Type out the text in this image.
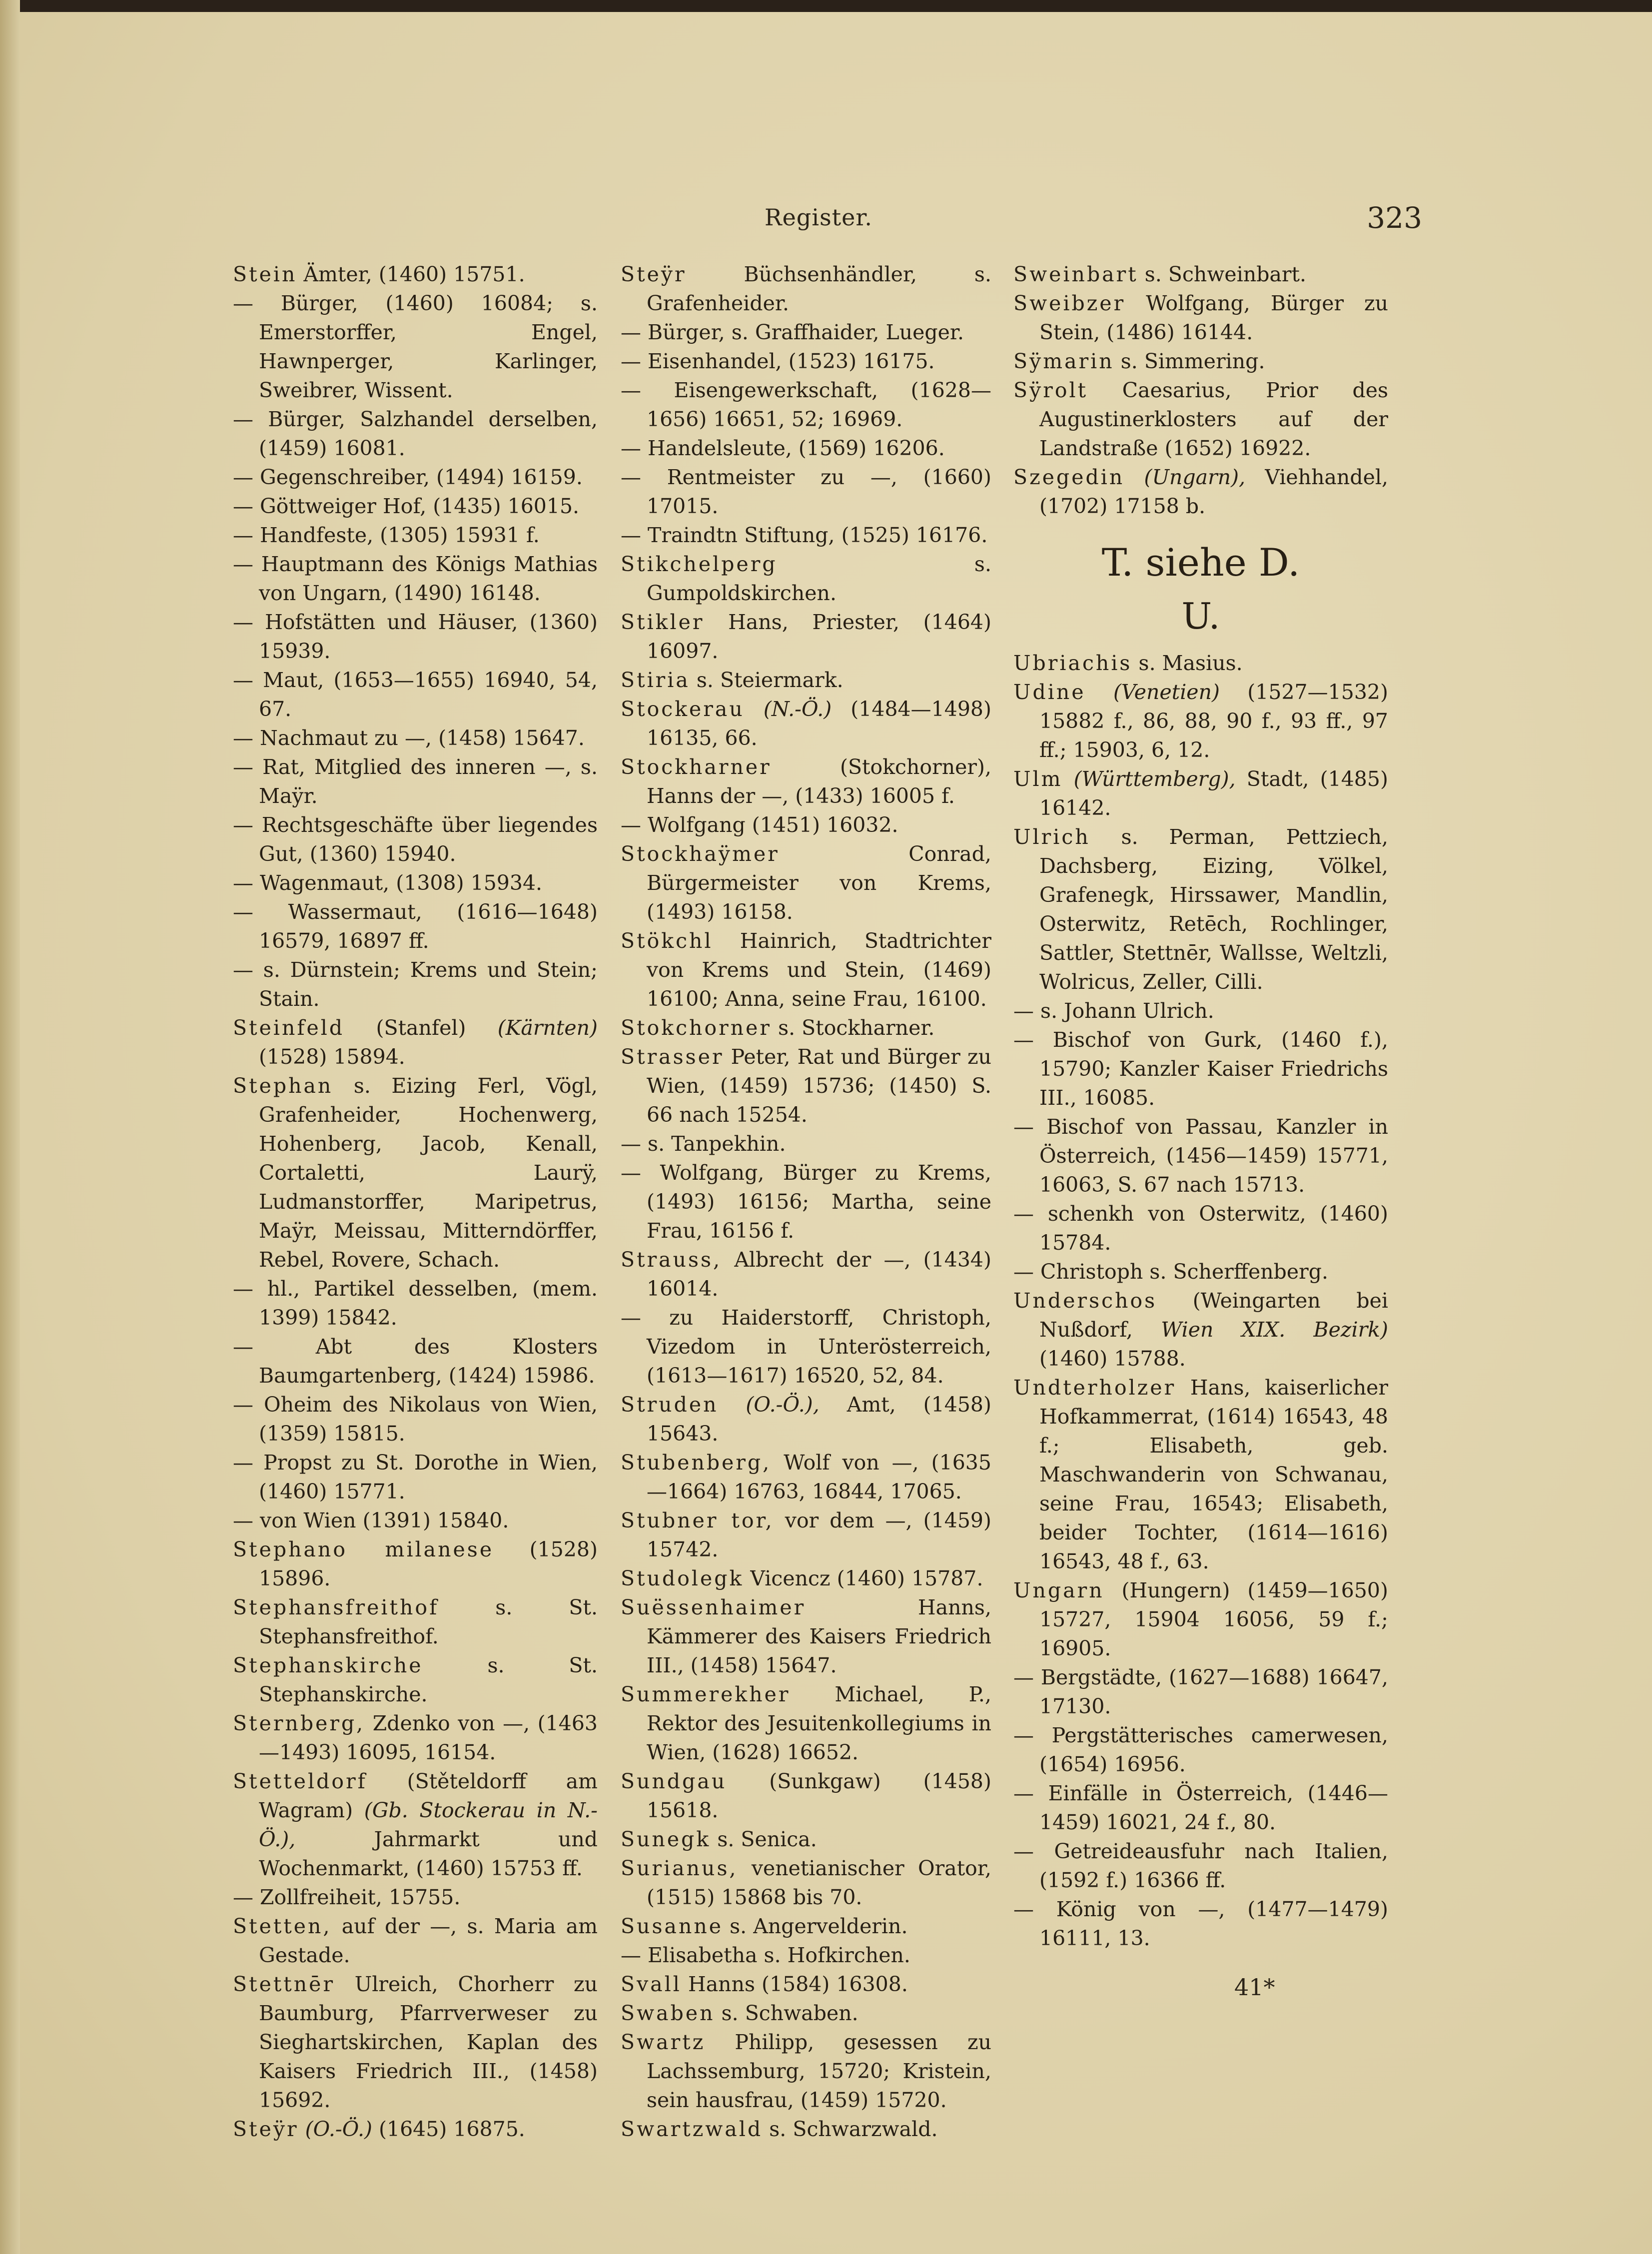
Register.	323

Stein Ämter, (1460) 15751.

— Bürger, (1460) 16084; s. Emerstorffer, Engel, Hawnperger, Karlinger, Sweibrer, Wissent.

— Bürger, Salzhandel derselben, (1459) 16081.

— Gegenschreiber, (1494) 16159.

— Göttweiger Hof, (1435) 16015.

— Handfeste, (1305) 15931 f.

— Hauptmann des Königs Mathias von Ungarn, (1490) 16148.

— Hofstätten und Häuser, (1360) 15939.

— Maut, (1653—1655) 16940, 54, 67.

— Nachmaut zu —, (1458) 15647.

— Rat, Mitglied des inneren —, s. Maÿr.

— Rechtsgeschäfte über liegendes Gut, (1360) 15940.

— Wagenmaut, (1308) 15934.

— Wassermaut, (1616—1648) 16579, 16897 ff.

— s. Dürnstein; Krems und Stein; Stain.

Steinfeld (Stanfel) (Kärnten) (1528) 15894.

Stephan s. Eizing Ferl, Vögl, Grafenheider, Hochenwerg, Hohenberg, Jacob, Kenall, Cortaletti, Laurÿ, Ludmanstorffer, Maripetrus, Maÿr, Meissau, Mitterndörffer, Rebel, Rovere, Schach.

— hl., Partikel desselben, (mem. 1399) 15842.

— Abt des Klosters Baumgartenberg, (1424) 15986.

— Oheim des Nikolaus von Wien, (1359) 15815.

— Propst zu St. Dorothe in Wien, (1460) 15771.

— von Wien (1391) 15840.

Stephano milanese (1528) 15896.

Stephansfreithof	s. St. Stephansfreithof.

Stephanskirche	s. St. Stephanskirche.

Sternberg, Zdenko von —, (1463 —1493) 16095, 16154.

Stetteldorf (Stěteldorff am Wagram) (Gb. Stockerau in N.-Ö.), Jahrmarkt und Wochenmarkt, (1460) 15753 ff.

— Zollfreiheit, 15755.

Stetten, auf der —, s. Maria am Gestade.

Stettnēr Ulreich, Chorherr zu Baumburg, Pfarrverweser zu Sieghartskirchen, Kaplan des Kaisers Friedrich III., (1458) 15692.

Steÿr (O.-Ö.) (1645) 16875.

Steÿr	Büchsenhändler, s. Grafenheider.

— Bürger, s. Graffhaider, Lueger.

— Eisenhandel, (1523) 16175.

— Eisengewerkschaft, (1628—1656) 16651, 52; 16969.

— Handelsleute, (1569) 16206.

— Rentmeister zu —, (1660) 17015.

— Traindtn Stiftung, (1525) 16176.

Stikchelperg	s. Gumpoldskirchen.

Stikler Hans, Priester, (1464) 16097.

Stiria s. Steiermark.

Stockerau (N.-Ö.) (1484—1498) 16135, 66.

Stockharner	(Stokchorner), Hanns der —, (1433) 16005 f.

— Wolfgang (1451) 16032.

Stockhaÿmer	Conrad, Bürgermeister von Krems, (1493) 16158.

Stökchl Hainrich, Stadtrichter von Krems und Stein, (1469) 16100; Anna, seine Frau, 16100.

Stokchorner s. Stockharner.

Strasser Peter, Rat und Bürger zu Wien, (1459) 15736; (1450) S. 66 nach 15254.

— s. Tanpekhin.

— Wolfgang, Bürger zu Krems, (1493) 16156; Martha, seine Frau, 16156 f.

Strauss, Albrecht der —, (1434) 16014.

— zu Haiderstorff, Christoph, Vizedom in Unterösterreich, (1613—1617) 16520, 52, 84.

Struden (O.-Ö.), Amt, (1458) 15643.

Stubenberg, Wolf von —, (1635 —1664) 16763, 16844, 17065.

Stubner tor, vor dem —, (1459) 15742.

Studolegk Vicencz (1460) 15787.

Suëssenhaimer	Hanns, Kämmerer des Kaisers Friedrich III., (1458) 15647.

Summerekher Michael, P., Rektor des Jesuitenkollegiums in Wien, (1628) 16652.

Sundgau (Sunkgaw) (1458) 15618.

Sunegk s. Senica.

Surianus, venetianischer Orator, (1515) 15868 bis 70.

Susanne s. Angervelderin.

— Elisabetha s. Hofkirchen.

Svall Hanns (1584) 16308.

Swaben s. Schwaben.

Swartz Philipp, gesessen zu Lachssemburg, 15720; Kristein, sein hausfrau, (1459) 15720.

Swartzwald s. Schwarzwald.

Sweinbart s. Schweinbart.

Sweibzer Wolfgang, Bürger zu Stein, (1486) 16144.

Sÿmarin s. Simmering.

Sÿrolt Caesarius, Prior des Augustinerklosters auf der Landstraße (1652) 16922.

Szegedin (Ungarn), Viehhandel, (1702) 17158 b.

T. siehe D.
U.

Ubriachis s. Masius.

Udine (Venetien) (1527—1532) 15882 f., 86, 88, 90 f., 93 ff., 97 ff.; 15903, 6, 12.

Ulm (Württemberg), Stadt, (1485) 16142.

Ulrich s. Perman, Pettziech, Dachsberg, Eizing, Völkel, Grafenegk, Hirssawer, Mandlin, Osterwitz, Retēch, Rochlinger, Sattler, Stettnēr, Wallsse, Weltzli, Wolricus, Zeller, Cilli.

— s. Johann Ulrich.

— Bischof von Gurk, (1460 f.), 15790; Kanzler Kaiser Friedrichs III., 16085.

— Bischof von Passau, Kanzler in Österreich, (1456—1459) 15771, 16063, S. 67 nach 15713.

— schenkh von Osterwitz, (1460) 15784.

— Christoph s. Scherffenberg.

Underschos (Weingarten bei Nußdorf, Wien XIX. Bezirk) (1460) 15788.

Undterholzer Hans, kaiserlicher Hofkammerrat, (1614) 16543, 48 f.; Elisabeth, geb. Maschwanderin von Schwanau, seine Frau, 16543; Elisabeth, beider Tochter, (1614—1616) 16543, 48 f., 63.

Ungarn (Hungern) (1459—1650) 15727, 15904 16056, 59 f.; 16905.

— Bergstädte, (1627—1688) 16647, 17130.

— Pergstätterisches camerwesen, (1654) 16956.

— Einfälle in Österreich, (1446—1459) 16021, 24 f., 80.

— Getreideausfuhr nach Italien, (1592 f.) 16366 ff.

— König von —, (1477—1479) 16111, 13.

41*
